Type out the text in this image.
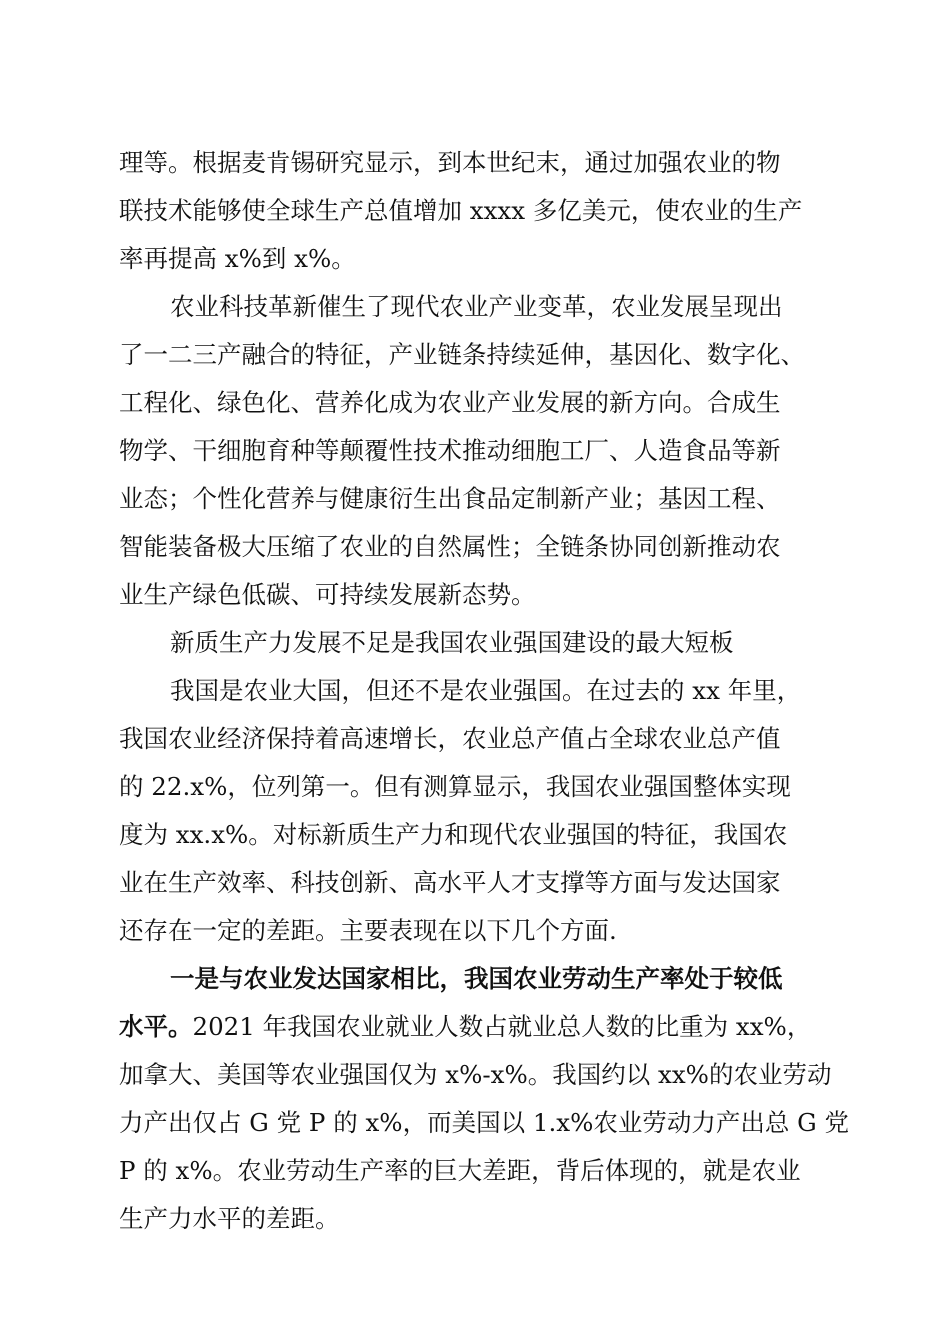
理等。根据麦肯锡研究显示，到本世纪末，通过加强农业的物
联技术能够使全球生产总值增加 xxxx 多亿美元，使农业的生产
率再提高 x%到 x%。
农业科技革新催生了现代农业产业变革，农业发展呈现出
了一二三产融合的特征，产业链条持续延伸，基因化、数字化、
工程化、绿色化、营养化成为农业产业发展的新方向。合成生
物学、干细胞育种等颠覆性技术推动细胞工厂、人造食品等新
业态；个性化营养与健康衍生出食品定制新产业；基因工程、
智能装备极大压缩了农业的自然属性；全链条协同创新推动农
业生产绿色低碳、可持续发展新态势。
新质生产力发展不足是我国农业强国建设的最大短板
我国是农业大国，但还不是农业强国。在过去的 xx 年里，
我国农业经济保持着高速增长，农业总产值占全球农业总产值
的 22.x%，位列第一。但有测算显示，我国农业强国整体实现
度为 xx.x%。对标新质生产力和现代农业强国的特征，我国农
业在生产效率、科技创新、高水平人才支撑等方面与发达国家
还存在一定的差距。主要表现在以下几个方面.
一是与农业发达国家相比，我国农业劳动生产率处于较低
水平。2021 年我国农业就业人数占就业总人数的比重为 xx%，
加拿大、美国等农业强国仅为 x%-x%。我国约以 xx%的农业劳动
力产出仅占 G 党 P 的 x%，而美国以 1.x%农业劳动力产出总 G 党
P 的 x%。农业劳动生产率的巨大差距，背后体现的，就是农业
生产力水平的差距。
